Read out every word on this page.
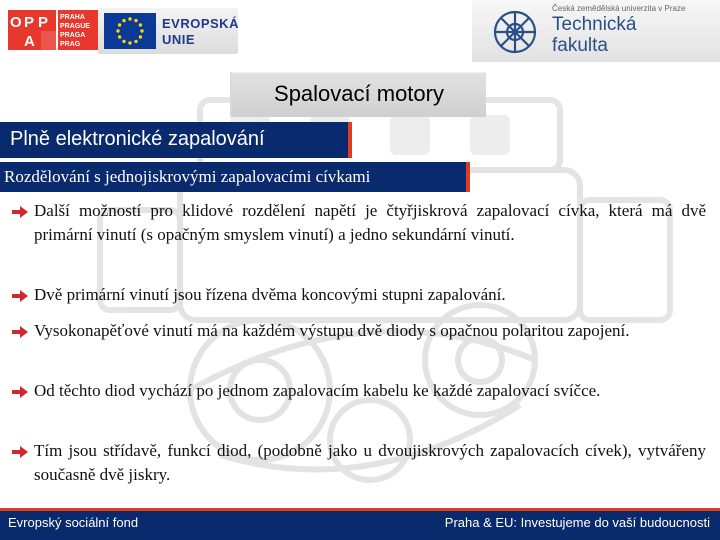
O P P
A
PRAHA
PRAGUE
PRAGA
PRAG
EVROPSKÁ
UNIE
Česká zemědělská univerzita v Praze
Technická
fakulta
Spalovací motory
Plně elektronické zapalování
Rozdělování s jednojiskrovými zapalovacími cívkami
Další možností pro klidové rozdělení napětí je čtyřjiskrová zapalovací cívka, která má dvě primární vinutí (s opačným smyslem vinutí) a jedno sekundární vinutí.
Dvě primární vinutí jsou řízena dvěma koncovými stupni zapalování.
Vysokonapěťové vinutí má na každém výstupu dvě diody s opačnou polaritou zapojení.
Od těchto diod vychází po jednom zapalovacím kabelu ke každé zapalovací svíčce.
Tím jsou střídavě, funkcí diod, (podobně jako u dvoujiskrových zapalovacích cívek), vytvářeny současně dvě jiskry.
Evropský sociální fond	Praha & EU: Investujeme do vaší budoucnosti
